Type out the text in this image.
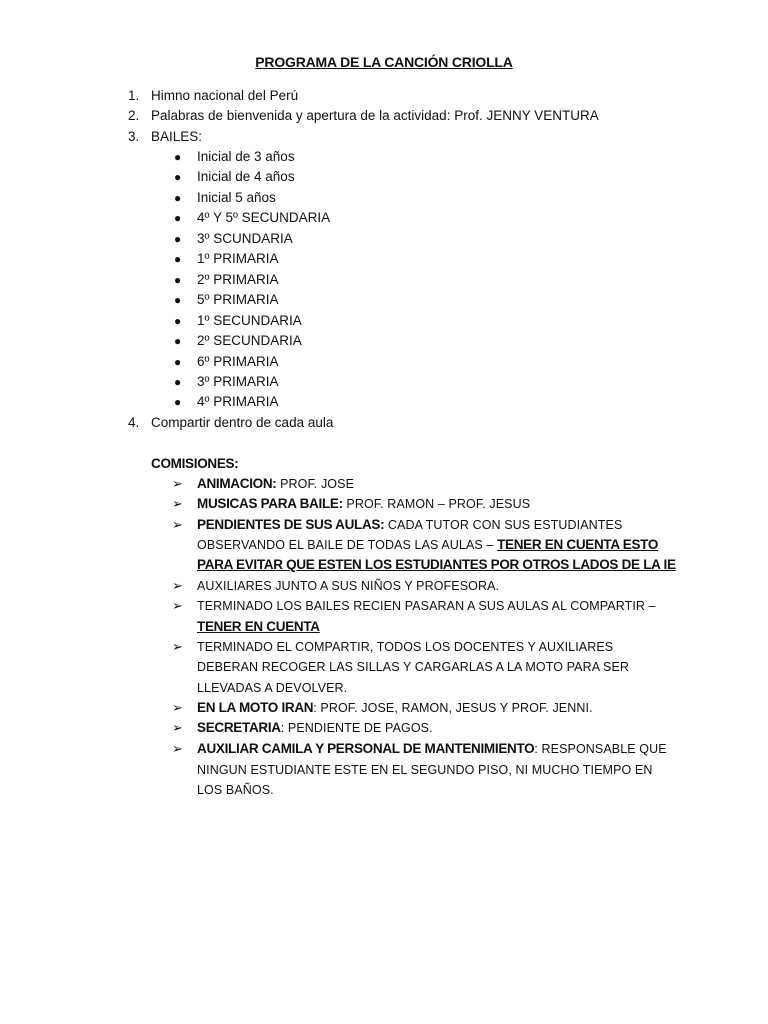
PROGRAMA DE LA CANCIÓN CRIOLLA
1. Himno nacional del Perú
2. Palabras de bienvenida y apertura de la actividad: Prof. JENNY VENTURA
3. BAILES:
● Inicial de 3 años
● Inicial de 4 años
● Inicial 5 años
● 4º Y 5º SECUNDARIA
● 3º SCUNDARIA
● 1º PRIMARIA
● 2º PRIMARIA
● 5º PRIMARIA
● 1º SECUNDARIA
● 2º SECUNDARIA
● 6º PRIMARIA
● 3º PRIMARIA
● 4º PRIMARIA
4. Compartir dentro de cada aula
COMISIONES:
➢ ANIMACION: PROF. JOSE
➢ MUSICAS PARA BAILE: PROF. RAMON – PROF. JESUS
➢ PENDIENTES DE SUS AULAS: CADA TUTOR CON SUS ESTUDIANTES
OBSERVANDO EL BAILE DE TODAS LAS AULAS – TENER EN CUENTA ESTO
PARA EVITAR QUE ESTEN LOS ESTUDIANTES POR OTROS LADOS DE LA IE
➢ AUXILIARES JUNTO A SUS NIÑOS Y PROFESORA.
➢ TERMINADO LOS BAILES RECIEN PASARAN A SUS AULAS AL COMPARTIR –
TENER EN CUENTA
➢ TERMINADO EL COMPARTIR, TODOS LOS DOCENTES Y AUXILIARES
DEBERAN RECOGER LAS SILLAS Y CARGARLAS A LA MOTO PARA SER
LLEVADAS A DEVOLVER.
➢ EN LA MOTO IRAN: PROF. JOSE, RAMON, JESUS Y PROF. JENNI.
➢ SECRETARIA: PENDIENTE DE PAGOS.
➢ AUXILIAR CAMILA Y PERSONAL DE MANTENIMIENTO: RESPONSABLE QUE
NINGUN ESTUDIANTE ESTE EN EL SEGUNDO PISO, NI MUCHO TIEMPO EN
LOS BAÑOS.
